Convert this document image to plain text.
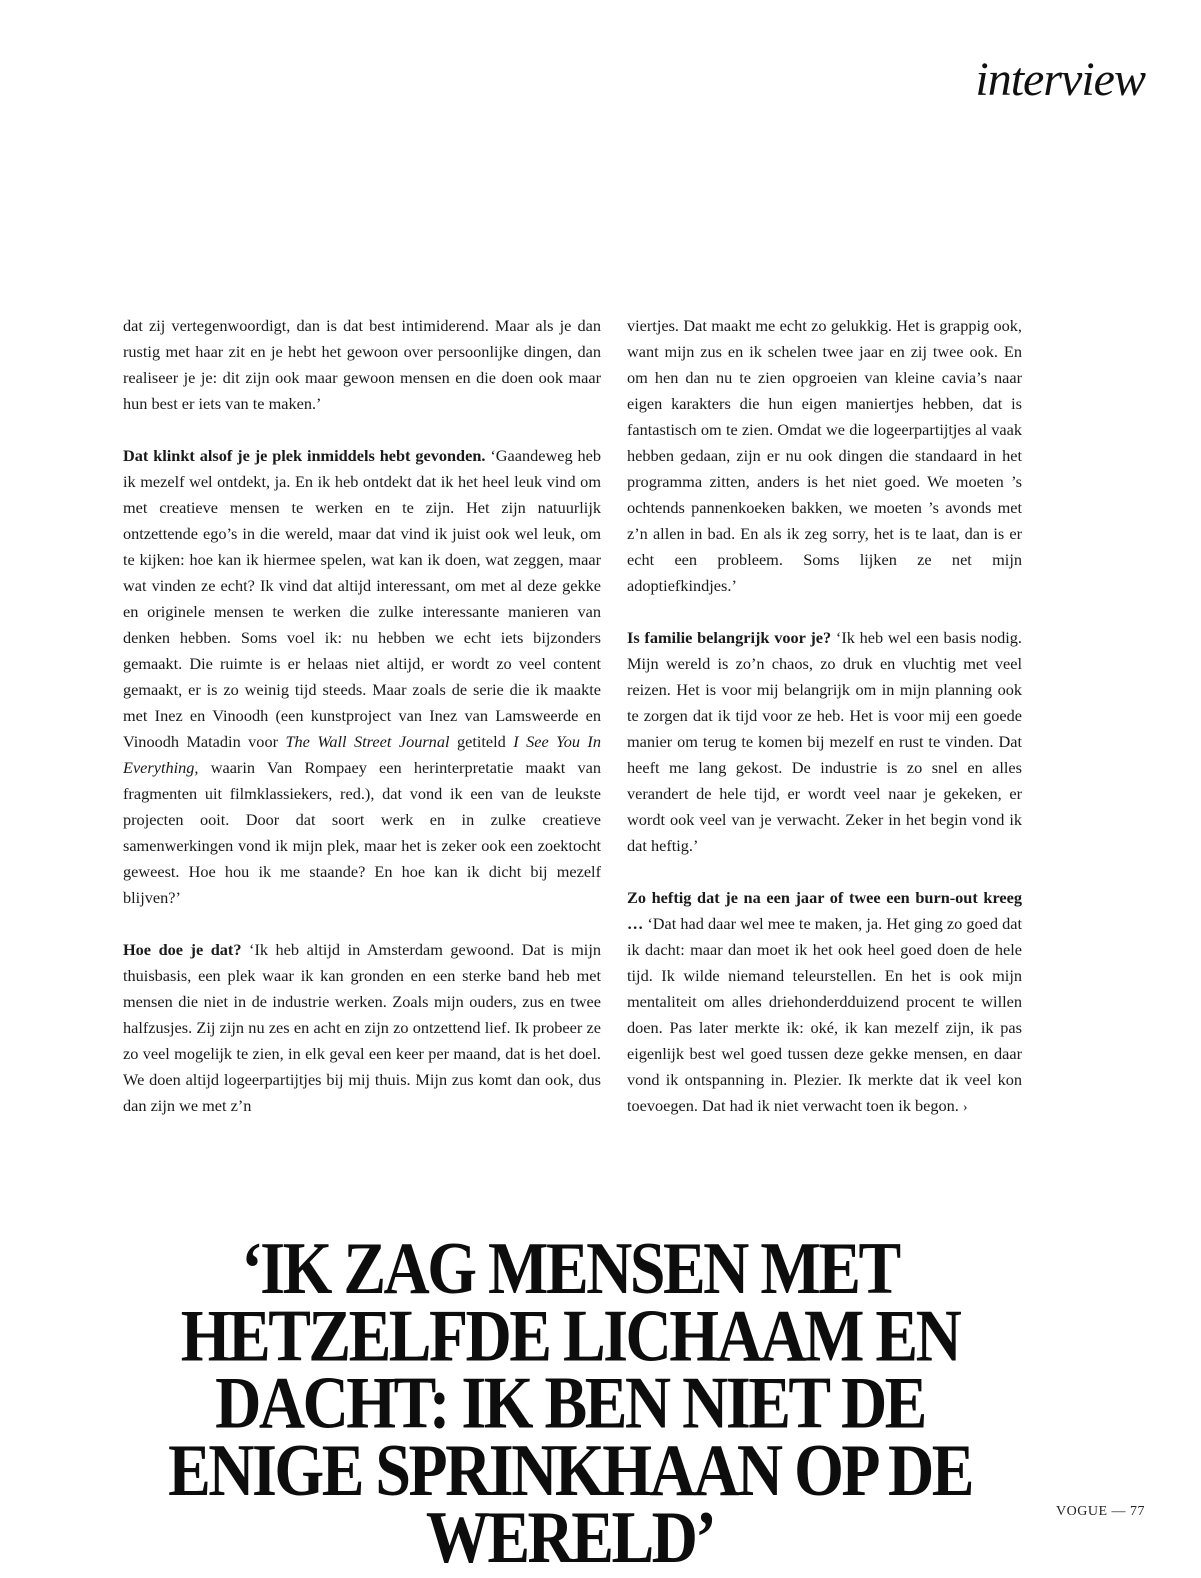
interview

dat zij vertegenwoordigt, dan is dat best intimiderend. Maar als je dan rustig met haar zit en je hebt het gewoon over persoonlijke dingen, dan realiseer je je: dit zijn ook maar gewoon mensen en die doen ook maar hun best er iets van te maken.’

Dat klinkt alsof je je plek inmiddels hebt gevonden. ‘Gaandeweg heb ik mezelf wel ontdekt, ja. En ik heb ontdekt dat ik het heel leuk vind om met creatieve mensen te werken en te zijn. Het zijn natuurlijk ontzettende ego’s in die wereld, maar dat vind ik juist ook wel leuk, om te kijken: hoe kan ik hiermee spelen, wat kan ik doen, wat zeggen, maar wat vinden ze echt? Ik vind dat altijd interessant, om met al deze gekke en originele mensen te werken die zulke interessante manieren van denken hebben. Soms voel ik: nu hebben we echt iets bijzonders gemaakt. Die ruimte is er helaas niet altijd, er wordt zo veel content gemaakt, er is zo weinig tijd steeds. Maar zoals de serie die ik maakte met Inez en Vinoodh (een kunstproject van Inez van Lamsweerde en Vinoodh Matadin voor The Wall Street Journal getiteld I See You In Everything, waarin Van Rompaey een herinterpretatie maakt van fragmenten uit filmklassiekers, red.), dat vond ik een van de leukste projecten ooit. Door dat soort werk en in zulke creatieve samenwerkingen vond ik mijn plek, maar het is zeker ook een zoektocht geweest. Hoe hou ik me staande? En hoe kan ik dicht bij mezelf blijven?’

Hoe doe je dat? ‘Ik heb altijd in Amsterdam gewoond. Dat is mijn thuisbasis, een plek waar ik kan gronden en een sterke band heb met mensen die niet in de industrie werken. Zoals mijn ouders, zus en twee halfzusjes. Zij zijn nu zes en acht en zijn zo ontzettend lief. Ik probeer ze zo veel mogelijk te zien, in elk geval een keer per maand, dat is het doel. We doen altijd logeerpartijtjes bij mij thuis. Mijn zus komt dan ook, dus dan zijn we met z’n

viertjes. Dat maakt me echt zo gelukkig. Het is grappig ook, want mijn zus en ik schelen twee jaar en zij twee ook. En om hen dan nu te zien opgroeien van kleine cavia’s naar eigen karakters die hun eigen maniertjes hebben, dat is fantastisch om te zien. Omdat we die logeerpartijtjes al vaak hebben gedaan, zijn er nu ook dingen die standaard in het programma zitten, anders is het niet goed. We moeten ’s ochtends pannenkoeken bakken, we moeten ’s avonds met z’n allen in bad. En als ik zeg sorry, het is te laat, dan is er echt een probleem. Soms lijken ze net mijn adoptiefkindjes.’

Is familie belangrijk voor je? ‘Ik heb wel een basis nodig. Mijn wereld is zo’n chaos, zo druk en vluchtig met veel reizen. Het is voor mij belangrijk om in mijn planning ook te zorgen dat ik tijd voor ze heb. Het is voor mij een goede manier om terug te komen bij mezelf en rust te vinden. Dat heeft me lang gekost. De industrie is zo snel en alles verandert de hele tijd, er wordt veel naar je gekeken, er wordt ook veel van je verwacht. Zeker in het begin vond ik dat heftig.’

Zo heftig dat je na een jaar of twee een burn-out kreeg … ‘Dat had daar wel mee te maken, ja. Het ging zo goed dat ik dacht: maar dan moet ik het ook heel goed doen de hele tijd. Ik wilde niemand teleurstellen. En het is ook mijn mentaliteit om alles driehonderdduizend procent te willen doen. Pas later merkte ik: oké, ik kan mezelf zijn, ik pas eigenlijk best wel goed tussen deze gekke mensen, en daar vond ik ontspanning in. Plezier. Ik merkte dat ik veel kon toevoegen. Dat had ik niet verwacht toen ik begon. ›

‘IK ZAG MENSEN MET HETZELFDE LICHAAM EN DACHT: IK BEN NIET DE ENIGE SPRINKHAAN OP DE WERELD’	VOGUE — 77
